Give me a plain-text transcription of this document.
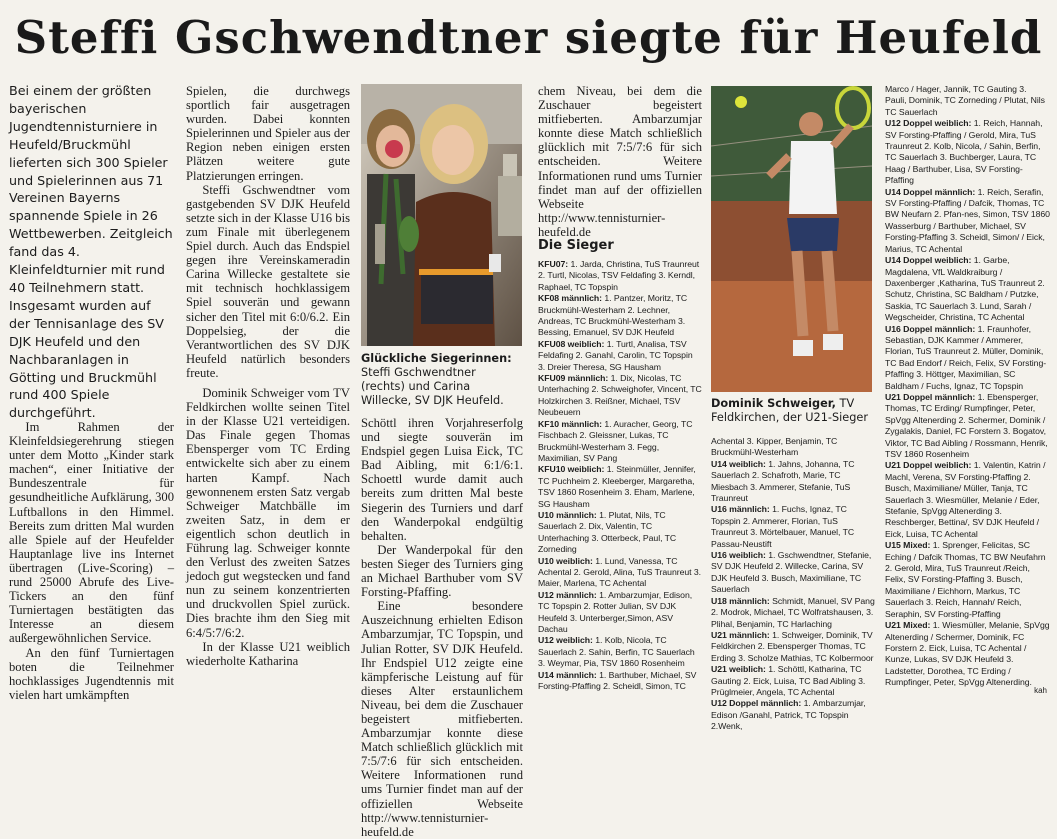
Steffi Gschwendtner siegte für Heufeld

Bei einem der größten bayerischen Jugendtennisturniere in Heufeld/Bruckmühl lieferten sich 300 Spieler und Spielerinnen aus 71 Vereinen Bayerns spannende Spiele in 26 Wettbewerben. Zeitgleich fand das 4. Kleinfeldturnier mit rund 40 Teilnehmern statt. Insgesamt wurden auf der Tennisanlage des SV DJK Heufeld und den Nachbaranlagen in Götting und Bruckmühl rund 400 Spiele durchgeführt.

Im Rahmen der Kleinfeldsiegerehrung stiegen unter dem Motto „Kinder stark machen“, einer Initiative der Bundeszentrale für gesundheitliche Aufklärung, 300 Luftballons in den Himmel. Bereits zum dritten Mal wurden alle Spiele auf der Heufelder Hauptanlage live ins Internet übertragen (Live-Scoring) – rund 25000 Abrufe des Live-Tickers an den fünf Turniertagen bestätigten das Interesse an diesem außergewöhnlichen Service.

An den fünf Turniertagen boten die Teilnehmer hochklassiges Jugendtennis mit vielen hart umkämpften

Spielen, die durchwegs sportlich fair ausgetragen wurden. Dabei konnten Spielerinnen und Spieler aus der Region neben einigen ersten Plätzen weitere gute Platzierungen erringen.

Steffi Gschwendtner vom gastgebenden SV DJK Heufeld setzte sich in der Klasse U16 bis zum Finale mit überlegenem Spiel durch. Auch das Endspiel gegen ihre Vereinskameradin Carina Willecke gestaltete sie mit technisch hochklassigem Spiel souverän und gewann sicher den Titel mit 6:0/6.2. Ein Doppelsieg, der die Verantwortlichen des SV DJK Heufeld natürlich besonders freute.

Dominik Schweiger vom TV Feldkirchen wollte seinen Titel in der Klasse U21 verteidigen. Das Finale gegen Thomas Ebensperger vom TC Erding entwickelte sich aber zu einem harten Kampf. Nach gewonnenem ersten Satz vergab Schweiger Matchbälle im zweiten Satz, in dem er eigentlich schon deutlich in Führung lag. Schweiger konnte den Verlust des zweiten Satzes jedoch gut wegstecken und fand nun zu seinem konzentrierten und druckvollen Spiel zurück. Dies brachte ihm den Sieg mit 6:4/5:7/6:2.

In der Klasse U21 weiblich wiederholte Katharina

Glückliche Siegerinnen: Steffi Gschwendtner (rechts) und Carina Willecke, SV DJK Heufeld.

Schöttl ihren Vorjahreserfolg und siegte souverän im Endspiel gegen Luisa Eick, TC Bad Aibling, mit 6:1/6:1. Schoettl wurde damit auch bereits zum dritten Mal beste Siegerin des Turniers und darf den Wanderpokal endgültig behalten.

Der Wanderpokal für den besten Sieger des Turniers ging an Michael Barthuber vom SV Forsting-Pfaffing.

Eine besondere Auszeichnung erhielten Edison Ambarzumjar, TC Topspin, und Julian Rotter, SV DJK Heufeld. Ihr Endspiel U12 zeigte eine kämpferische Leistung auf für dieses Alter erstaunlichem Niveau, bei dem die Zuschauer begeistert mitfieberten. Ambarzumjar konnte diese Match schließlich glücklich mit 7:5/7:6 für sich entscheiden. Weitere Informationen rund ums Turnier findet man auf der offiziellen Webseite http://www.tennisturnier-heufeld.de

chem Niveau, bei dem die Zuschauer begeistert mitfieberten. Ambarzumjar konnte diese Match schließlich glücklich mit 7:5/7:6 für sich entscheiden. Weitere Informationen rund ums Turnier findet man auf der offiziellen Webseite http://www.tennisturnier-heufeld.de

Die Sieger

KFU07: 1. Jarda, Christina, TuS Traunreut 2. Turtl, Nicolas, TSV Feldafing 3. Kerndl, Raphael, TC Topspin

KF08 männlich: 1. Pantzer, Moritz, TC Bruckmühl-Westerham 2. Lechner, Andreas, TC Bruckmühl-Westerham 3. Bessing, Emanuel, SV DJK Heufeld

KFU08 weiblich: 1. Turtl, Analisa, TSV Feldafing 2. Ganahl, Carolin, TC Topspin 3. Dreier Theresa, SG Hausham

KFU09 männlich: 1. Dix, Nicolas, TC Unterhaching 2. Schweighofer, Vincent, TC Holzkirchen 3. Reißner, Michael, TSV Neubeuern

KF10 männlich: 1. Auracher, Georg, TC Fischbach 2. Gleissner, Lukas, TC Bruckmühl-Westerham 3. Fegg, Maximilian, SV Pang

KFU10 weiblich: 1. Steinmüller, Jennifer, TC Puchheim 2. Kleeberger, Margaretha, TSV 1860 Rosenheim 3. Eham, Marlene, SG Hausham

U10 männlich: 1. Plutat, Nils, TC Sauerlach 2. Dix, Valentin, TC Unterhaching 3. Otterbeck, Paul, TC Zorneding

U10 weiblich: 1. Lund, Vanessa, TC Achental 2. Gerold, Alina, TuS Traunreut 3. Maier, Marlena, TC Achental

U12 männlich: 1. Ambarzumjar, Edison, TC Topspin 2. Rotter Julian, SV DJK Heufeld 3. Unterberger,Simon, ASV Dachau

U12 weiblich: 1. Kolb, Nicola, TC Sauerlach 2. Sahin, Berfin, TC Sauerlach 3. Weymar, Pia, TSV 1860 Rosenheim

U14 männlich: 1. Barthuber, Michael, SV Forsting-Pfaffing 2. Scheidl, Simon, TC

Dominik Schweiger, TV Feldkirchen, der U21-Sieger

Achental 3. Kipper, Benjamin, TC Bruckmühl-Westerham

U14 weiblich: 1. Jahns, Johanna, TC Sauerlach 2. Schafroth, Marie, TC Miesbach 3. Ammerer, Stefanie, TuS Traunreut

U16 männlich: 1. Fuchs, Ignaz, TC Topspin 2. Ammerer, Florian, TuS Traunreut 3. Mörtelbauer, Manuel, TC Passau-Neustift

U16 weiblich: 1. Gschwendtner, Stefanie, SV DJK Heufeld 2. Willecke, Carina, SV DJK Heufeld 3. Busch, Maximiliane, TC Sauerlach

U18 männlich: Schmidt, Manuel, SV Pang 2. Modrok, Michael, TC Wolfratshausen, 3. Plihal, Benjamin, TC Harlaching

U21 männlich: 1. Schweiger, Dominik, TV Feldkirchen 2. Ebensperger Thomas, TC Erding 3. Scholze Mathias, TC Kolbermoor

U21 weiblich: 1. Schöttl, Katharina, TC Gauting 2. Eick, Luisa, TC Bad Aibling 3. Prüglmeier, Angela, TC Achental

U12 Doppel männlich: 1. Ambarzumjar, Edison /Ganahl, Patrick, TC Topspin 2.Wenk,

Marco / Hager, Jannik, TC Gauting 3. Pauli, Dominik, TC Zorneding / Plutat, Nils TC Sauerlach

U12 Doppel weiblich: 1. Reich, Hannah, SV Forsting-Pfaffing / Gerold, Mira, TuS Traunreut 2. Kolb, Nicola, / Sahin, Berfin, TC Sauerlach 3. Buchberger, Laura, TC Haag / Barthuber, Lisa, SV Forsting-Pfaffing

U14 Doppel männlich: 1. Reich, Serafin, SV Forsting-Pfaffing / Dafcik, Thomas, TC BW Neufarn 2. Pfan-nes, Simon, TSV 1860 Wasserburg / Barthuber, Michael, SV Forsting-Pfaffing 3. Scheidl, Simon/ / Eick, Marius, TC Achental

U14 Doppel weiblich: 1. Garbe, Magdalena, VfL Waldkraiburg / Daxenberger ,Katharina, TuS Traunreut 2. Schutz, Christina, SC Baldham / Putzke, Saskia, TC Sauerlach 3. Lund, Sarah / Wegscheider, Christina, TC Achental

U16 Doppel männlich: 1. Fraunhofer, Sebastian, DJK Kammer / Ammerer, Florian, TuS Traunreut 2. Müller, Dominik, TC Bad Endorf / Reich, Felix, SV Forsting-Pfaffing 3. Höttger, Maximilian, SC Baldham / Fuchs, Ignaz, TC Topspin

U21 Doppel männlich: 1. Ebensperger, Thomas, TC Erding/ Rumpfinger, Peter, SpVgg Altenerding 2. Schermer, Dominik / Zygalakis, Daniel, FC Forstern 3. Bogatov, Viktor, TC Bad Aibling / Rossmann, Henrik, TSV 1860 Rosenheim

U21 Doppel weiblich: 1. Valentin, Katrin / Machl, Verena, SV Forsting-Pfaffing 2. Busch, Maximiliane/ Müller, Tanja, TC Sauerlach 3. Wiesmüller, Melanie / Eder, Stefanie, SpVgg Altenerding 3. Reschberger, Bettina/, SV DJK Heufeld / Eick, Luisa, TC Achental

U15 Mixed: 1. Sprenger, Felicitas, SC Eching / Dafcik Thomas, TC BW Neufahrn 2. Gerold, Mira, TuS Traunreut /Reich, Felix, SV Forsting-Pfaffing 3. Busch, Maximiliane / Eichhorn, Markus, TC Sauerlach 3. Reich, Hannah/ Reich, Seraphin, SV Forsting-Pfaffing

U21 Mixed: 1. Wiesmüller, Melanie, SpVgg Altenerding / Schermer, Dominik, FC Forstern 2. Eick, Luisa, TC Achental / Kunze, Lukas, SV DJK Heufeld 3. Ladstetter, Dorothea, TC Erding / Rumpfinger, Peter, SpVgg Altenerding.

kah
